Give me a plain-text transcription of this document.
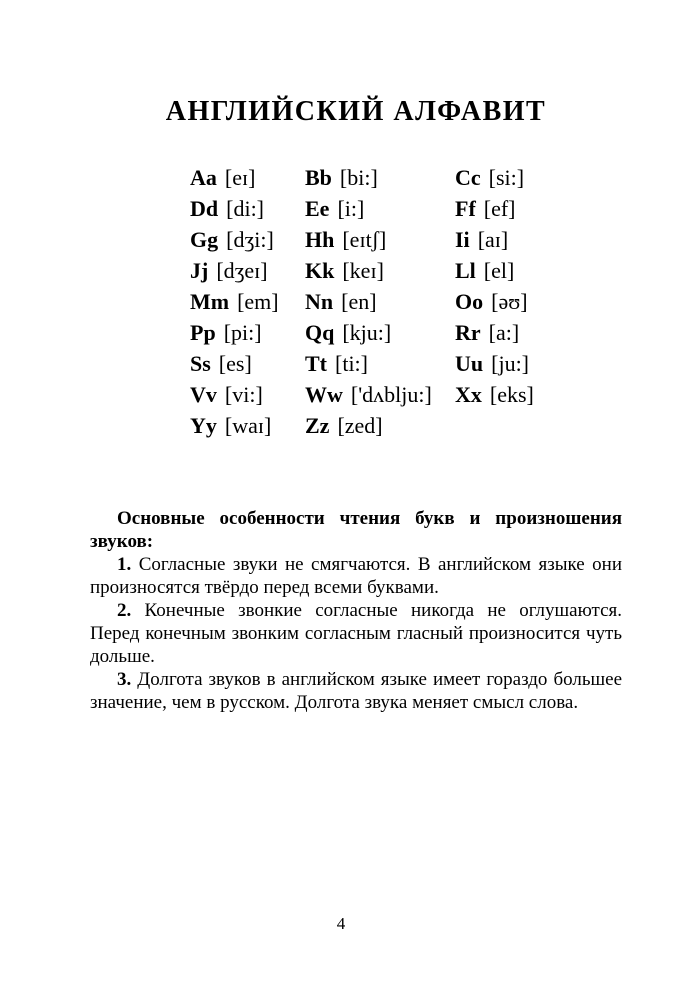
АНГЛИЙСКИЙ АЛФАВИТ
Aa [eɪ]	Bb [bi:]	Cc [si:]
Dd [di:]	Ee [i:]	Ff [ef]
Gg [dʒi:]	Hh [eɪtʃ]	Ii [aɪ]
Jj [dʒeɪ]	Kk [keɪ]	Ll [el]
Mm [em]	Nn [en]	Oo [əʊ]
Pp [pi:]	Qq [kju:]	Rr [a:]
Ss [es]	Tt [ti:]	Uu [ju:]
Vv [vi:]	Ww ['dʌblju:]	Xx [eks]
Yy [waɪ]	Zz [zed]

Основные особенности чтения букв и произношения звуков:

1. Согласные звуки не смягчаются. В английском языке они произносятся твёрдо перед всеми буквами.

2. Конечные звонкие согласные никогда не оглушаются. Перед конечным звонким согласным гласный произносится чуть дольше.

3. Долгота звуков в английском языке имеет гораздо большее значение, чем в русском. Долгота звука меняет смысл слова.

4
